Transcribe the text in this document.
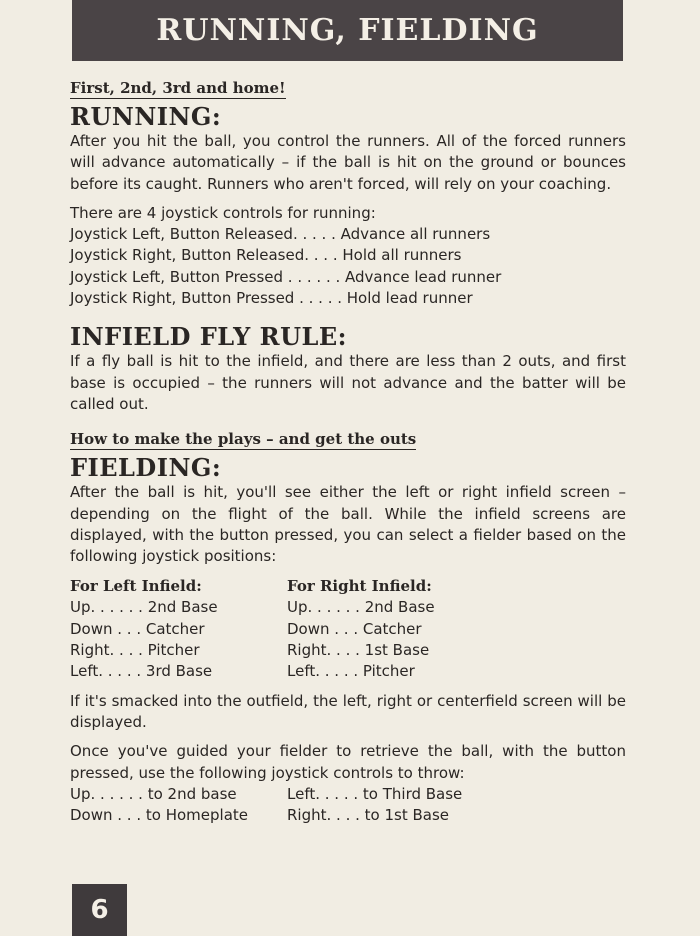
RUNNING, FIELDING
First, 2nd, 3rd and home!
RUNNING:

After you hit the ball, you control the runners. All of the forced runners will advance automatically – if the ball is hit on the ground or bounces before its caught. Runners who aren't forced, will rely on your coaching.

There are 4 joystick controls for running:
Joystick Left, Button Released. . . . . Advance all runners
Joystick Right, Button Released. . . . Hold all runners
Joystick Left, Button Pressed . . . . . . Advance lead runner
Joystick Right, Button Pressed . . . . . Hold lead runner
INFIELD FLY RULE:

If a fly ball is hit to the infield, and there are less than 2 outs, and first base is occupied – the runners will not advance and the batter will be called out.

How to make the plays – and get the outs
FIELDING:

After the ball is hit, you'll see either the left or right infield screen – depending on the flight of the ball. While the infield screens are displayed, with the button pressed, you can select a fielder based on the following joystick positions:

For Left Infield:
Up. . . . . . 2nd Base
Down . . . Catcher
Right. . . . Pitcher
Left. . . . . 3rd Base
For Right Infield:
Up. . . . . . 2nd Base
Down . . . Catcher
Right. . . . 1st Base
Left. . . . . Pitcher

If it's smacked into the outfield, the left, right or centerfield screen will be displayed.

Once you've guided your fielder to retrieve the ball, with the button pressed, use the following joystick controls to throw:

Up. . . . . . to 2nd base
Down . . . to Homeplate
Left. . . . . to Third Base
Right. . . . to 1st Base
6
